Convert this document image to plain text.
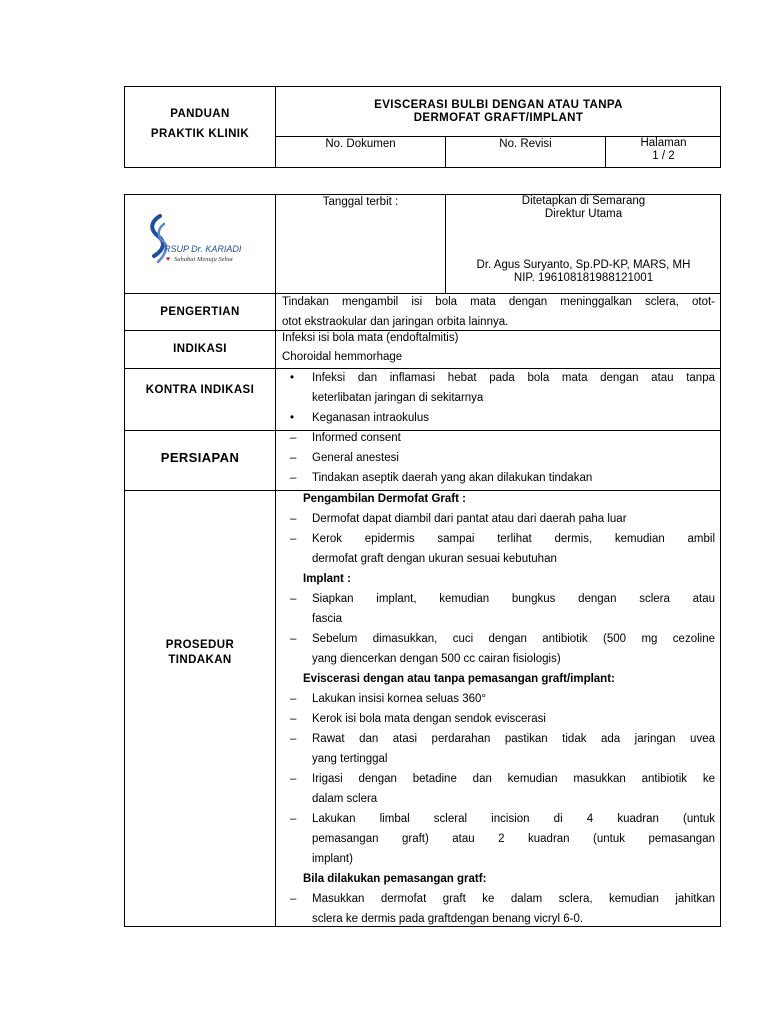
PANDUAN
PRAKTIK KLINIK
EVISCERASI BULBI DENGAN ATAU TANPA
DERMOFAT GRAFT/IMPLANT
No. Dokumen	No. Revisi	Halaman
1 / 2
RSUP Dr. KARIADI
♥ Sahabat Menuju Sehat
Tanggal terbit :	Ditetapkan di Semarang
Direktur Utama
Dr. Agus Suryanto, Sp.PD-KP, MARS, MH
NIP. 196108181988121001
PENGERTIAN
Tindakan mengambil isi bola mata dengan meninggalkan sclera, otot-
otot ekstraokular dan jaringan orbita lainnya.
INDIKASI
Infeksi isi bola mata (endoftalmitis)
Choroidal hemmorhage
KONTRA INDIKASI
• Infeksi dan inflamasi hebat pada bola mata dengan atau tanpa
keterlibatan jaringan di sekitarnya
• Keganasan intraokulus
PERSIAPAN
– Informed consent
– General anestesi
– Tindakan aseptik daerah yang akan dilakukan tindakan
PROSEDUR
TINDAKAN
Pengambilan Dermofat Graft :
– Dermofat dapat diambil dari pantat atau dari daerah paha luar
– Kerok epidermis sampai terlihat dermis, kemudian ambil
dermofat graft dengan ukuran sesuai kebutuhan
Implant :
– Siapkan implant, kemudian bungkus dengan sclera atau
fascia
– Sebelum dimasukkan, cuci dengan antibiotik (500 mg cezoline
yang diencerkan dengan 500 cc cairan fisiologis)
Eviscerasi dengan atau tanpa pemasangan graft/implant:
– Lakukan insisi kornea seluas 360°
– Kerok isi bola mata dengan sendok eviscerasi
– Rawat dan atasi perdarahan pastikan tidak ada jaringan uvea
yang tertinggal
– Irigasi dengan betadine dan kemudian masukkan antibiotik ke
dalam sclera
– Lakukan limbal scleral incision di 4 kuadran (untuk
pemasangan graft) atau 2 kuadran (untuk pemasangan
implant)
Bila dilakukan pemasangan gratf:
– Masukkan dermofat graft ke dalam sclera, kemudian jahitkan
sclera ke dermis pada graftdengan benang vicryl 6-0.
